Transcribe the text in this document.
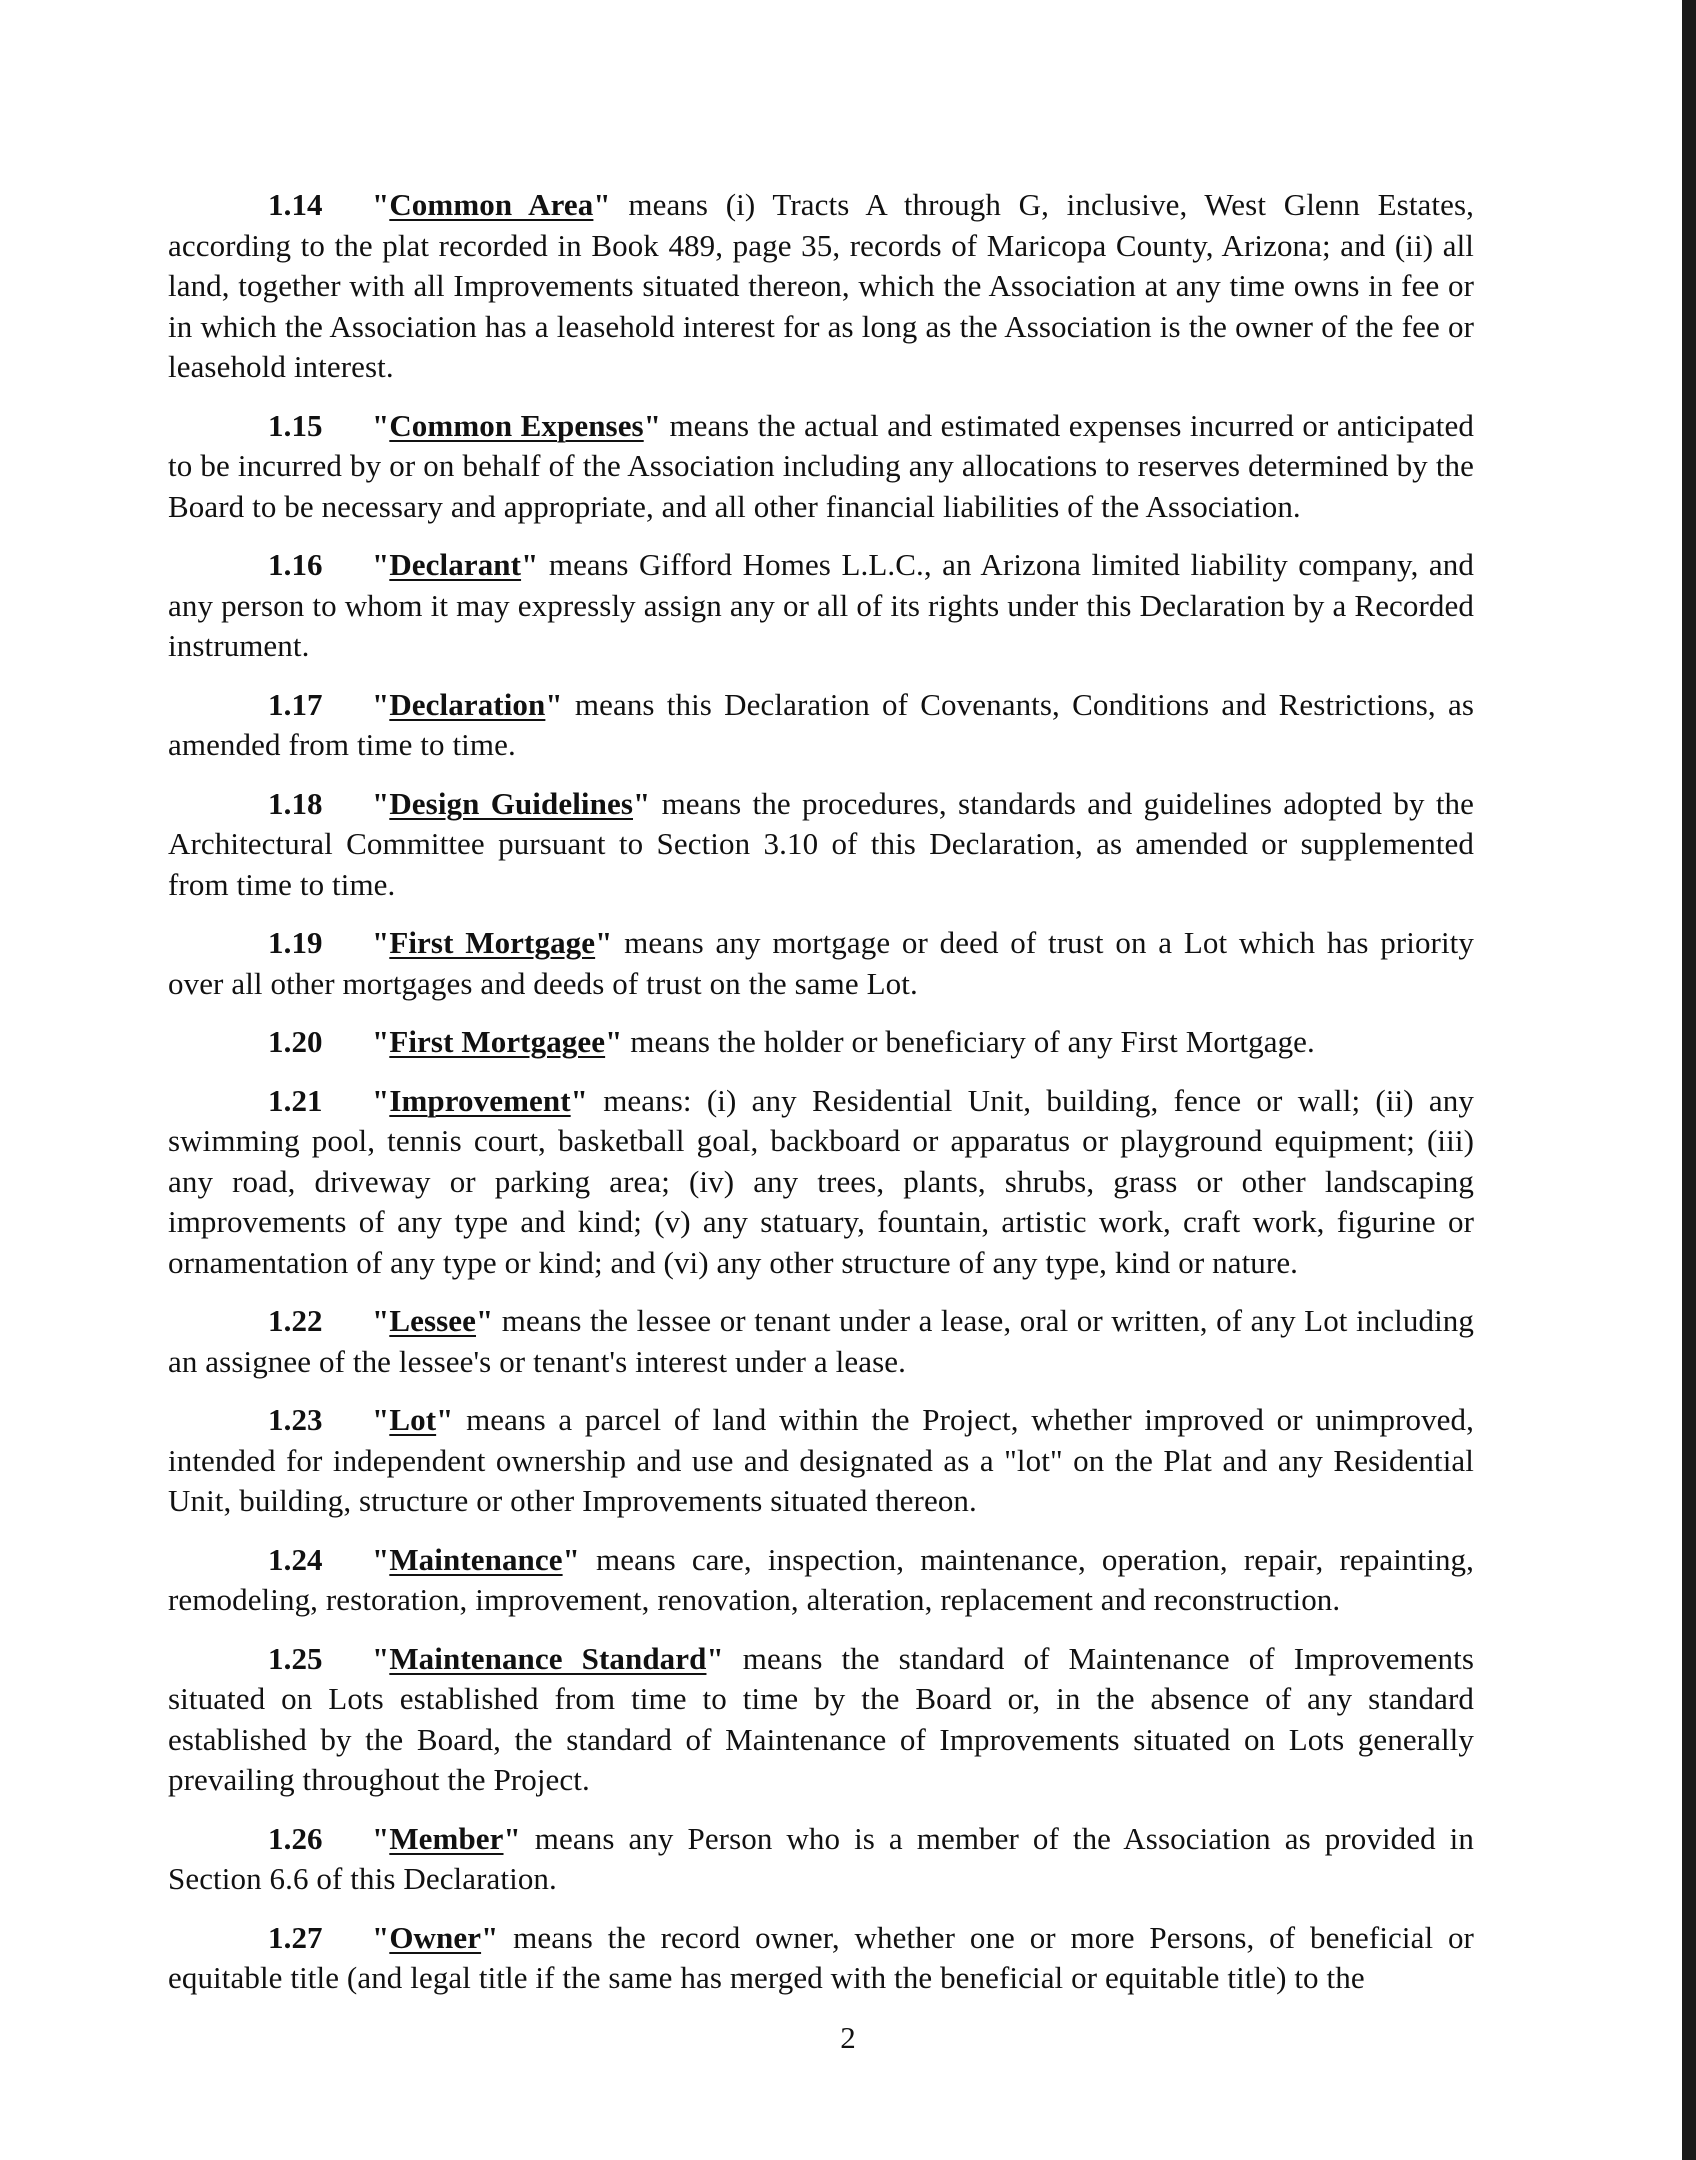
1.14 "Common Area" means (i) Tracts A through G, inclusive, West Glenn Estates, according to the plat recorded in Book 489, page 35, records of Maricopa County, Arizona; and (ii) all land, together with all Improvements situated thereon, which the Association at any time owns in fee or in which the Association has a leasehold interest for as long as the Association is the owner of the fee or leasehold interest.

1.15 "Common Expenses" means the actual and estimated expenses incurred or anticipated to be incurred by or on behalf of the Association including any allocations to reserves determined by the Board to be necessary and appropriate, and all other financial liabilities of the Association.

1.16 "Declarant" means Gifford Homes L.L.C., an Arizona limited liability company, and any person to whom it may expressly assign any or all of its rights under this Declaration by a Recorded instrument.

1.17 "Declaration" means this Declaration of Covenants, Conditions and Restrictions, as amended from time to time.

1.18 "Design Guidelines" means the procedures, standards and guidelines adopted by the Architectural Committee pursuant to Section 3.10 of this Declaration, as amended or supplemented from time to time.

1.19 "First Mortgage" means any mortgage or deed of trust on a Lot which has priority over all other mortgages and deeds of trust on the same Lot.

1.20 "First Mortgagee" means the holder or beneficiary of any First Mortgage.

1.21 "Improvement" means: (i) any Residential Unit, building, fence or wall; (ii) any swimming pool, tennis court, basketball goal, backboard or apparatus or playground equipment; (iii) any road, driveway or parking area; (iv) any trees, plants, shrubs, grass or other landscaping improvements of any type and kind; (v) any statuary, fountain, artistic work, craft work, figurine or ornamentation of any type or kind; and (vi) any other structure of any type, kind or nature.

1.22 "Lessee" means the lessee or tenant under a lease, oral or written, of any Lot including an assignee of the lessee's or tenant's interest under a lease.

1.23 "Lot" means a parcel of land within the Project, whether improved or unimproved, intended for independent ownership and use and designated as a "lot" on the Plat and any Residential Unit, building, structure or other Improvements situated thereon.

1.24 "Maintenance" means care, inspection, maintenance, operation, repair, repainting, remodeling, restoration, improvement, renovation, alteration, replacement and reconstruction.

1.25 "Maintenance Standard" means the standard of Maintenance of Improvements situated on Lots established from time to time by the Board or, in the absence of any standard established by the Board, the standard of Maintenance of Improvements situated on Lots generally prevailing throughout the Project.

1.26 "Member" means any Person who is a member of the Association as provided in Section 6.6 of this Declaration.

1.27 "Owner" means the record owner, whether one or more Persons, of beneficial or equitable title (and legal title if the same has merged with the beneficial or equitable title) to the

2
